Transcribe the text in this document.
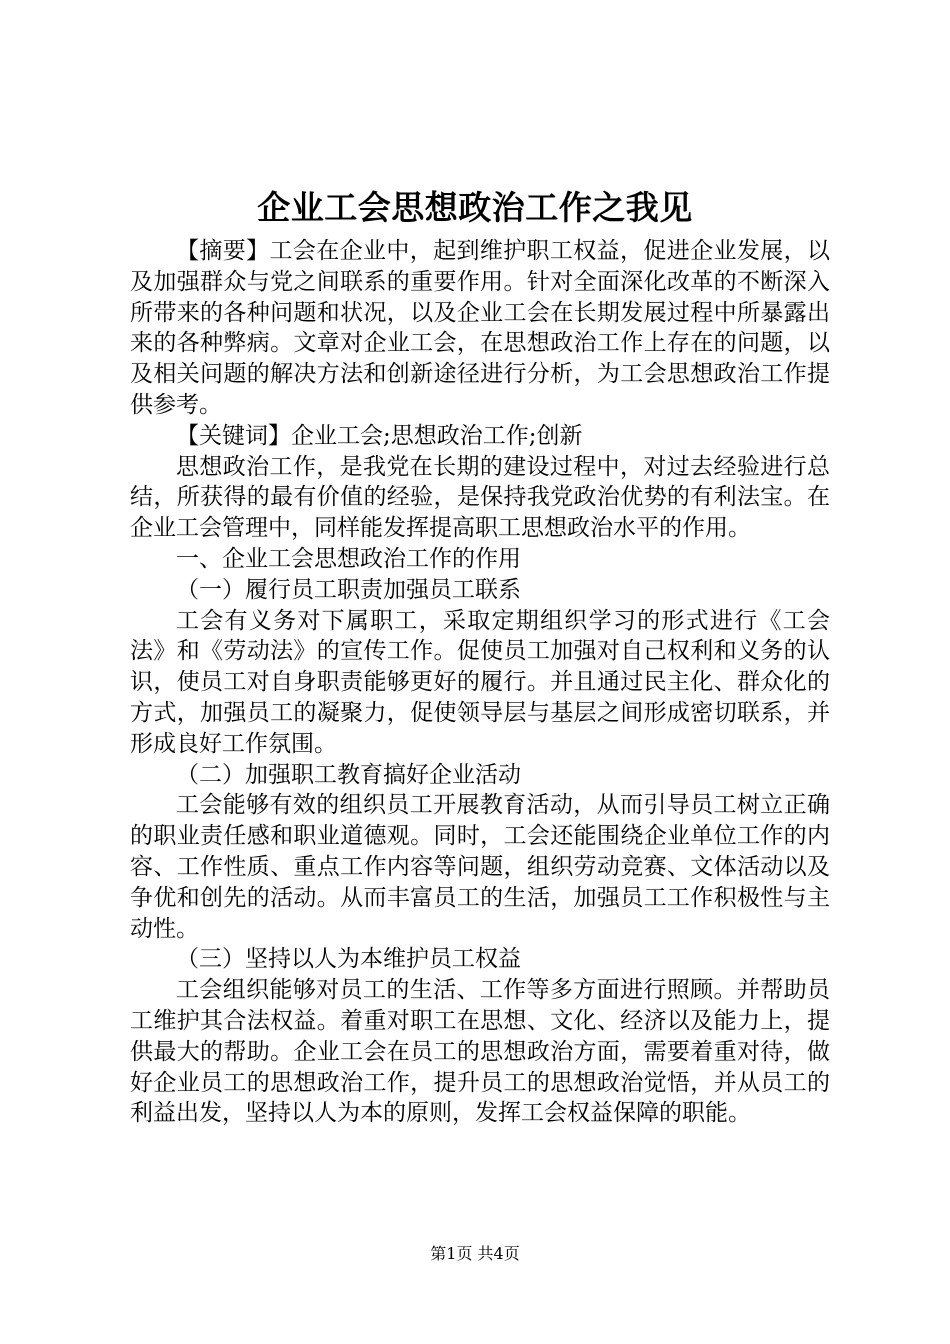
企业工会思想政治工作之我见

【摘要】工会在企业中，起到维护职工权益，促进企业发展，以及加强群众与党之间联系的重要作用。针对全面深化改革的不断深入所带来的各种问题和状况，以及企业工会在长期发展过程中所暴露出来的各种弊病。文章对企业工会，在思想政治工作上存在的问题，以及相关问题的解决方法和创新途径进行分析，为工会思想政治工作提供参考。

【关键词】企业工会;思想政治工作;创新

思想政治工作，是我党在长期的建设过程中，对过去经验进行总结，所获得的最有价值的经验，是保持我党政治优势的有利法宝。在企业工会管理中，同样能发挥提高职工思想政治水平的作用。

一、企业工会思想政治工作的作用

（一）履行员工职责加强员工联系

工会有义务对下属职工，采取定期组织学习的形式进行《工会法》和《劳动法》的宣传工作。促使员工加强对自己权利和义务的认识，使员工对自身职责能够更好的履行。并且通过民主化、群众化的方式，加强员工的凝聚力，促使领导层与基层之间形成密切联系，并形成良好工作氛围。

（二）加强职工教育搞好企业活动

工会能够有效的组织员工开展教育活动，从而引导员工树立正确的职业责任感和职业道德观。同时，工会还能围绕企业单位工作的内容、工作性质、重点工作内容等问题，组织劳动竞赛、文体活动以及争优和创先的活动。从而丰富员工的生活，加强员工工作积极性与主动性。

（三）坚持以人为本维护员工权益

工会组织能够对员工的生活、工作等多方面进行照顾。并帮助员工维护其合法权益。着重对职工在思想、文化、经济以及能力上，提供最大的帮助。企业工会在员工的思想政治方面，需要着重对待，做好企业员工的思想政治工作，提升员工的思想政治觉悟，并从员工的利益出发，坚持以人为本的原则，发挥工会权益保障的职能。

第1页 共4页
